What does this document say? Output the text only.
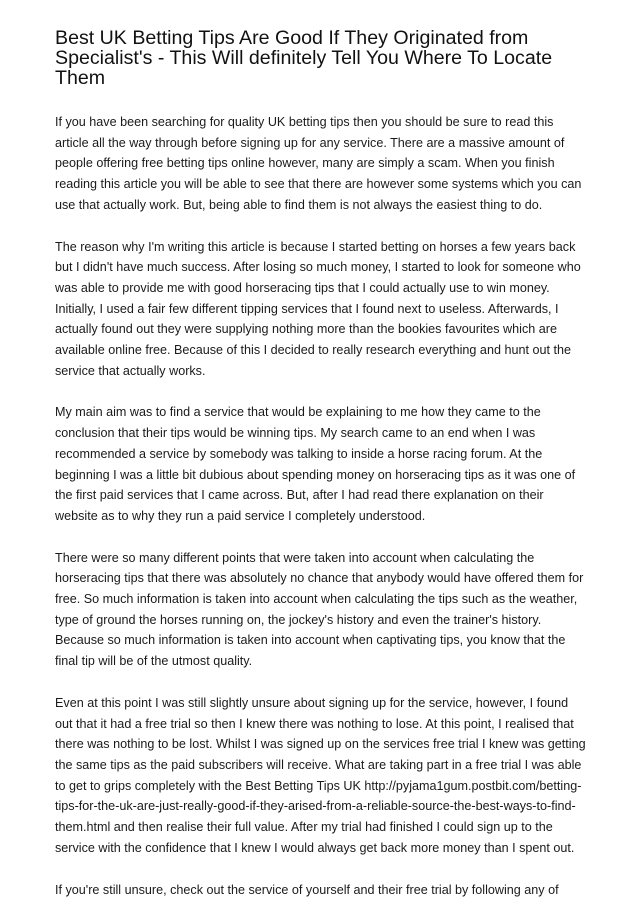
Best UK Betting Tips Are Good If They Originated from Specialist's - This Will definitely Tell You Where To Locate Them

If you have been searching for quality UK betting tips then you should be sure to read this article all the way through before signing up for any service. There are a massive amount of people offering free betting tips online however, many are simply a scam. When you finish reading this article you will be able to see that there are however some systems which you can use that actually work. But, being able to find them is not always the easiest thing to do.

The reason why I'm writing this article is because I started betting on horses a few years back but I didn't have much success. After losing so much money, I started to look for someone who was able to provide me with good horseracing tips that I could actually use to win money. Initially, I used a fair few different tipping services that I found next to useless. Afterwards, I actually found out they were supplying nothing more than the bookies favourites which are available online free. Because of this I decided to really research everything and hunt out the service that actually works.

My main aim was to find a service that would be explaining to me how they came to the conclusion that their tips would be winning tips. My search came to an end when I was recommended a service by somebody was talking to inside a horse racing forum. At the beginning I was a little bit dubious about spending money on horseracing tips as it was one of the first paid services that I came across. But, after I had read there explanation on their website as to why they run a paid service I completely understood.

There were so many different points that were taken into account when calculating the horseracing tips that there was absolutely no chance that anybody would have offered them for free. So much information is taken into account when calculating the tips such as the weather, type of ground the horses running on, the jockey's history and even the trainer's history. Because so much information is taken into account when captivating tips, you know that the final tip will be of the utmost quality.

Even at this point I was still slightly unsure about signing up for the service, however, I found out that it had a free trial so then I knew there was nothing to lose. At this point, I realised that there was nothing to be lost. Whilst I was signed up on the services free trial I knew was getting the same tips as the paid subscribers will receive. What are taking part in a free trial I was able to get to grips completely with the Best Betting Tips UK http://pyjama1gum.postbit.com/betting-tips-for-the-uk-are-just-really-good-if-they-arised-from-a-reliable-source-the-best-ways-to-find-them.html and then realise their full value. After my trial had finished I could sign up to the service with the confidence that I knew I would always get back more money than I spent out.

If you're still unsure, check out the service of yourself and their free trial by following any of
